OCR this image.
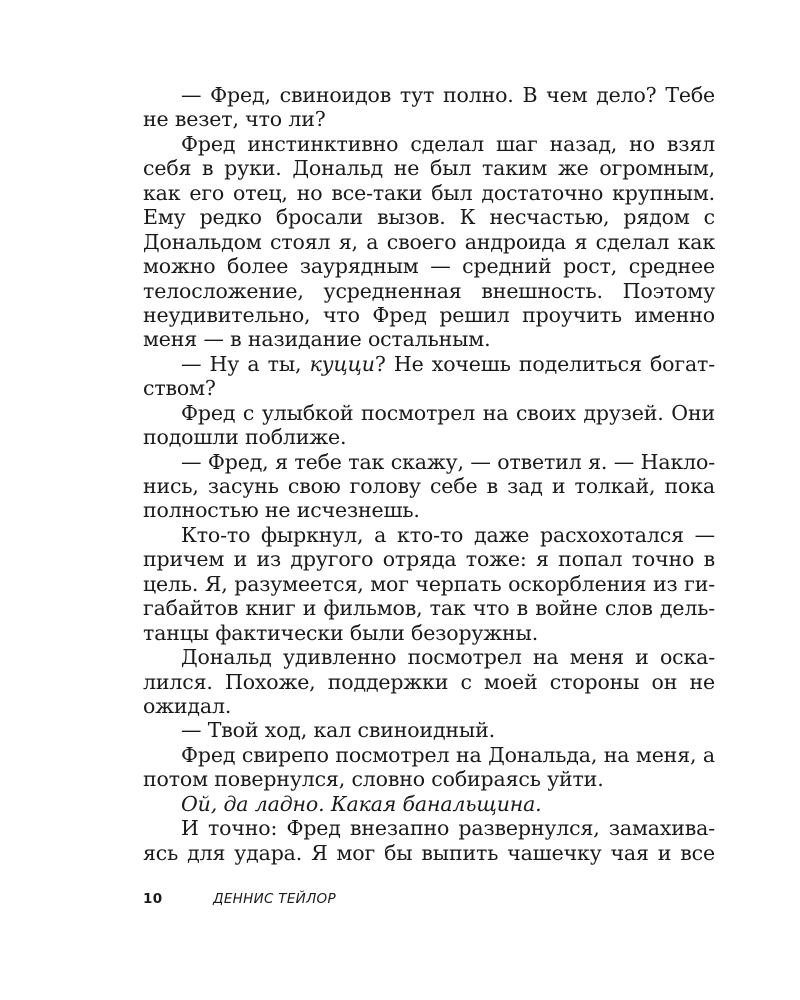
— Фред, свиноидов тут полно. В чем дело? Тебе
не везет, что ли?
Фред инстинктивно сделал шаг назад, но взял
себя в руки. Дональд не был таким же огромным,
как его отец, но все-таки был достаточно крупным.
Ему редко бросали вызов. К несчастью, рядом с
Дональдом стоял я, а своего андроида я сделал как
можно более заурядным — средний рост, среднее
телосложение, усредненная внешность. Поэтому
неудивительно, что Фред решил проучить именно
меня — в назидание остальным.
— Ну а ты, куцци? Не хочешь поделиться богат-
ством?
Фред с улыбкой посмотрел на своих друзей. Они
подошли поближе.
— Фред, я тебе так скажу, — ответил я. — Накло-
нись, засунь свою голову себе в зад и толкай, пока
полностью не исчезнешь.
Кто-то фыркнул, а кто-то даже расхохотался —
причем и из другого отряда тоже: я попал точно в
цель. Я, разумеется, мог черпать оскорбления из ги-
габайтов книг и фильмов, так что в войне слов дель-
танцы фактически были безоружны.
Дональд удивленно посмотрел на меня и оска-
лился. Похоже, поддержки с моей стороны он не
ожидал.
— Твой ход, кал свиноидный.
Фред свирепо посмотрел на Дональда, на меня, а
потом повернулся, словно собираясь уйти.
Ой, да ладно. Какая банальщина.
И точно: Фред внезапно развернулся, замахива-
ясь для удара. Я мог бы выпить чашечку чая и все
10	ДЕННИС ТЕЙЛОР
